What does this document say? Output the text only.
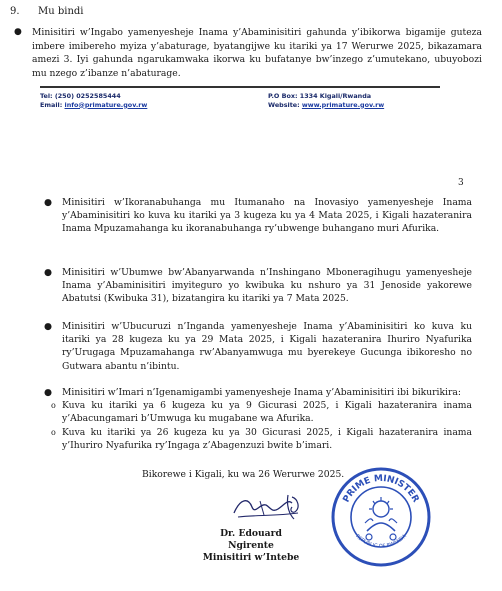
9. Mu bindi
● Minisitiri w’Ingabo yamenyesheje Inama y’Abaminisitiri gahunda y’ibikorwa bigamije guteza imbere imibereho myiza y’abaturage, byatangijwe ku itariki ya 17 Werurwe 2025, bikazamara amezi 3. Iyi gahunda ngarukamwaka ikorwa ku bufatanye bw’inzego z’umutekano, ubuyobozi mu nzego z’ibanze n’abaturage.
Tel: (250) 0252585444
Email: info@primature.gov.rw
P.O Box: 1334 Kigali/Rwanda
Website: www.primature.gov.rw
3
● Minisitiri w’Ikoranabuhanga mu Itumanaho na Inovasiyo yamenyesheje Inama y’Abaminisitiri ko kuva ku itariki ya 3 kugeza ku ya 4 Mata 2025, i Kigali hazateranira Inama Mpuzamahanga ku ikoranabuhanga ry’ubwenge buhangano muri Afurika.
● Minisitiri w’Ubumwe bw’Abanyarwanda n’Inshingano Mboneragihugu yamenyesheje Inama y’Abaminisitiri imyiteguro yo kwibuka ku nshuro ya 31 Jenoside yakorewe Abatutsi (Kwibuka 31), bizatangira ku itariki ya 7 Mata 2025.
● Minisitiri w’Ubucuruzi n’Inganda yamenyesheje Inama y’Abaminisitiri ko kuva ku itariki ya 28 kugeza ku ya 29 Mata 2025, i Kigali hazateranira Ihuriro Nyafurika ry’Urugaga Mpuzamahanga rw’Abanyamwuga mu byerekeye Gucunga ibikoresho no Gutwara abantu n’ibintu.
● Minisitiri w’Imari n’Igenamigambi yamenyesheje Inama y’Abaminisitiri ibi bikurikira:
o Kuva ku itariki ya 6 kugeza ku ya 9 Gicurasi 2025, i Kigali hazateranira inama y’Abacungamari b’Umwuga ku mugabane wa Afurika.
o Kuva ku itariki ya 26 kugeza ku ya 30 Gicurasi 2025, i Kigali hazateranira inama y’Ihuriro Nyafurika ry’Ingaga z’Abagenzuzi bwite b’imari.
Bikorewe i Kigali, ku wa 26 Werurwe 2025.
Dr. Edouard Ngirente
Minisitiri w’Intebe
PRIME MINISTER
REPUBLIC OF RWANDA
